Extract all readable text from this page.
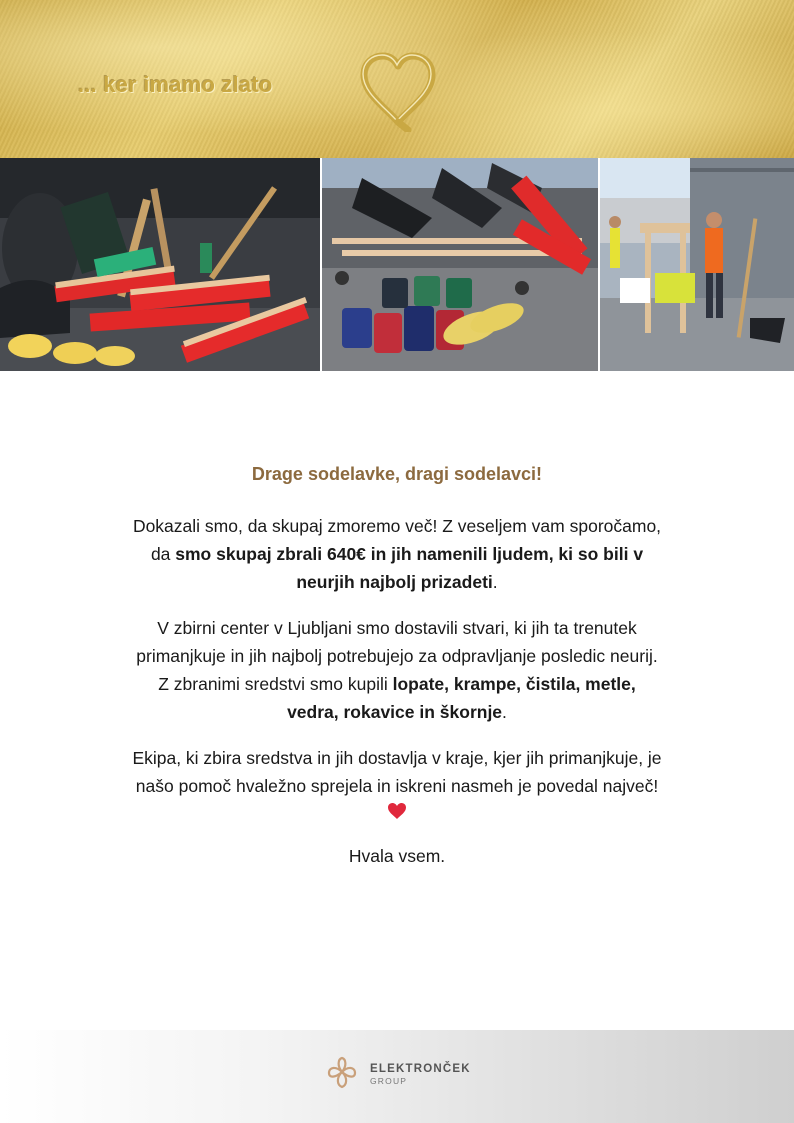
... ker imamo zlato

Drage sodelavke, dragi sodelavci!

Dokazali smo, da skupaj zmoremo več! Z veseljem vam sporočamo,
da smo skupaj zbrali 640€ in jih namenili ljudem, ki so bili v
neurjih najbolj prizadeti.

V zbirni center v Ljubljani smo dostavili stvari, ki jih ta trenutek
primanjkuje in jih najbolj potrebujejo za odpravljanje posledic neurij.
Z zbranimi sredstvi smo kupili lopate, krampe, čistila, metle,
vedra, rokavice in škornje.

Ekipa, ki zbira sredstva in jih dostavlja v kraje, kjer jih primanjkuje, je
našo pomoč hvaležno sprejela in iskreni nasmeh je povedal največ!

Hvala vsem.

ELEKTRONČEK
GROUP
